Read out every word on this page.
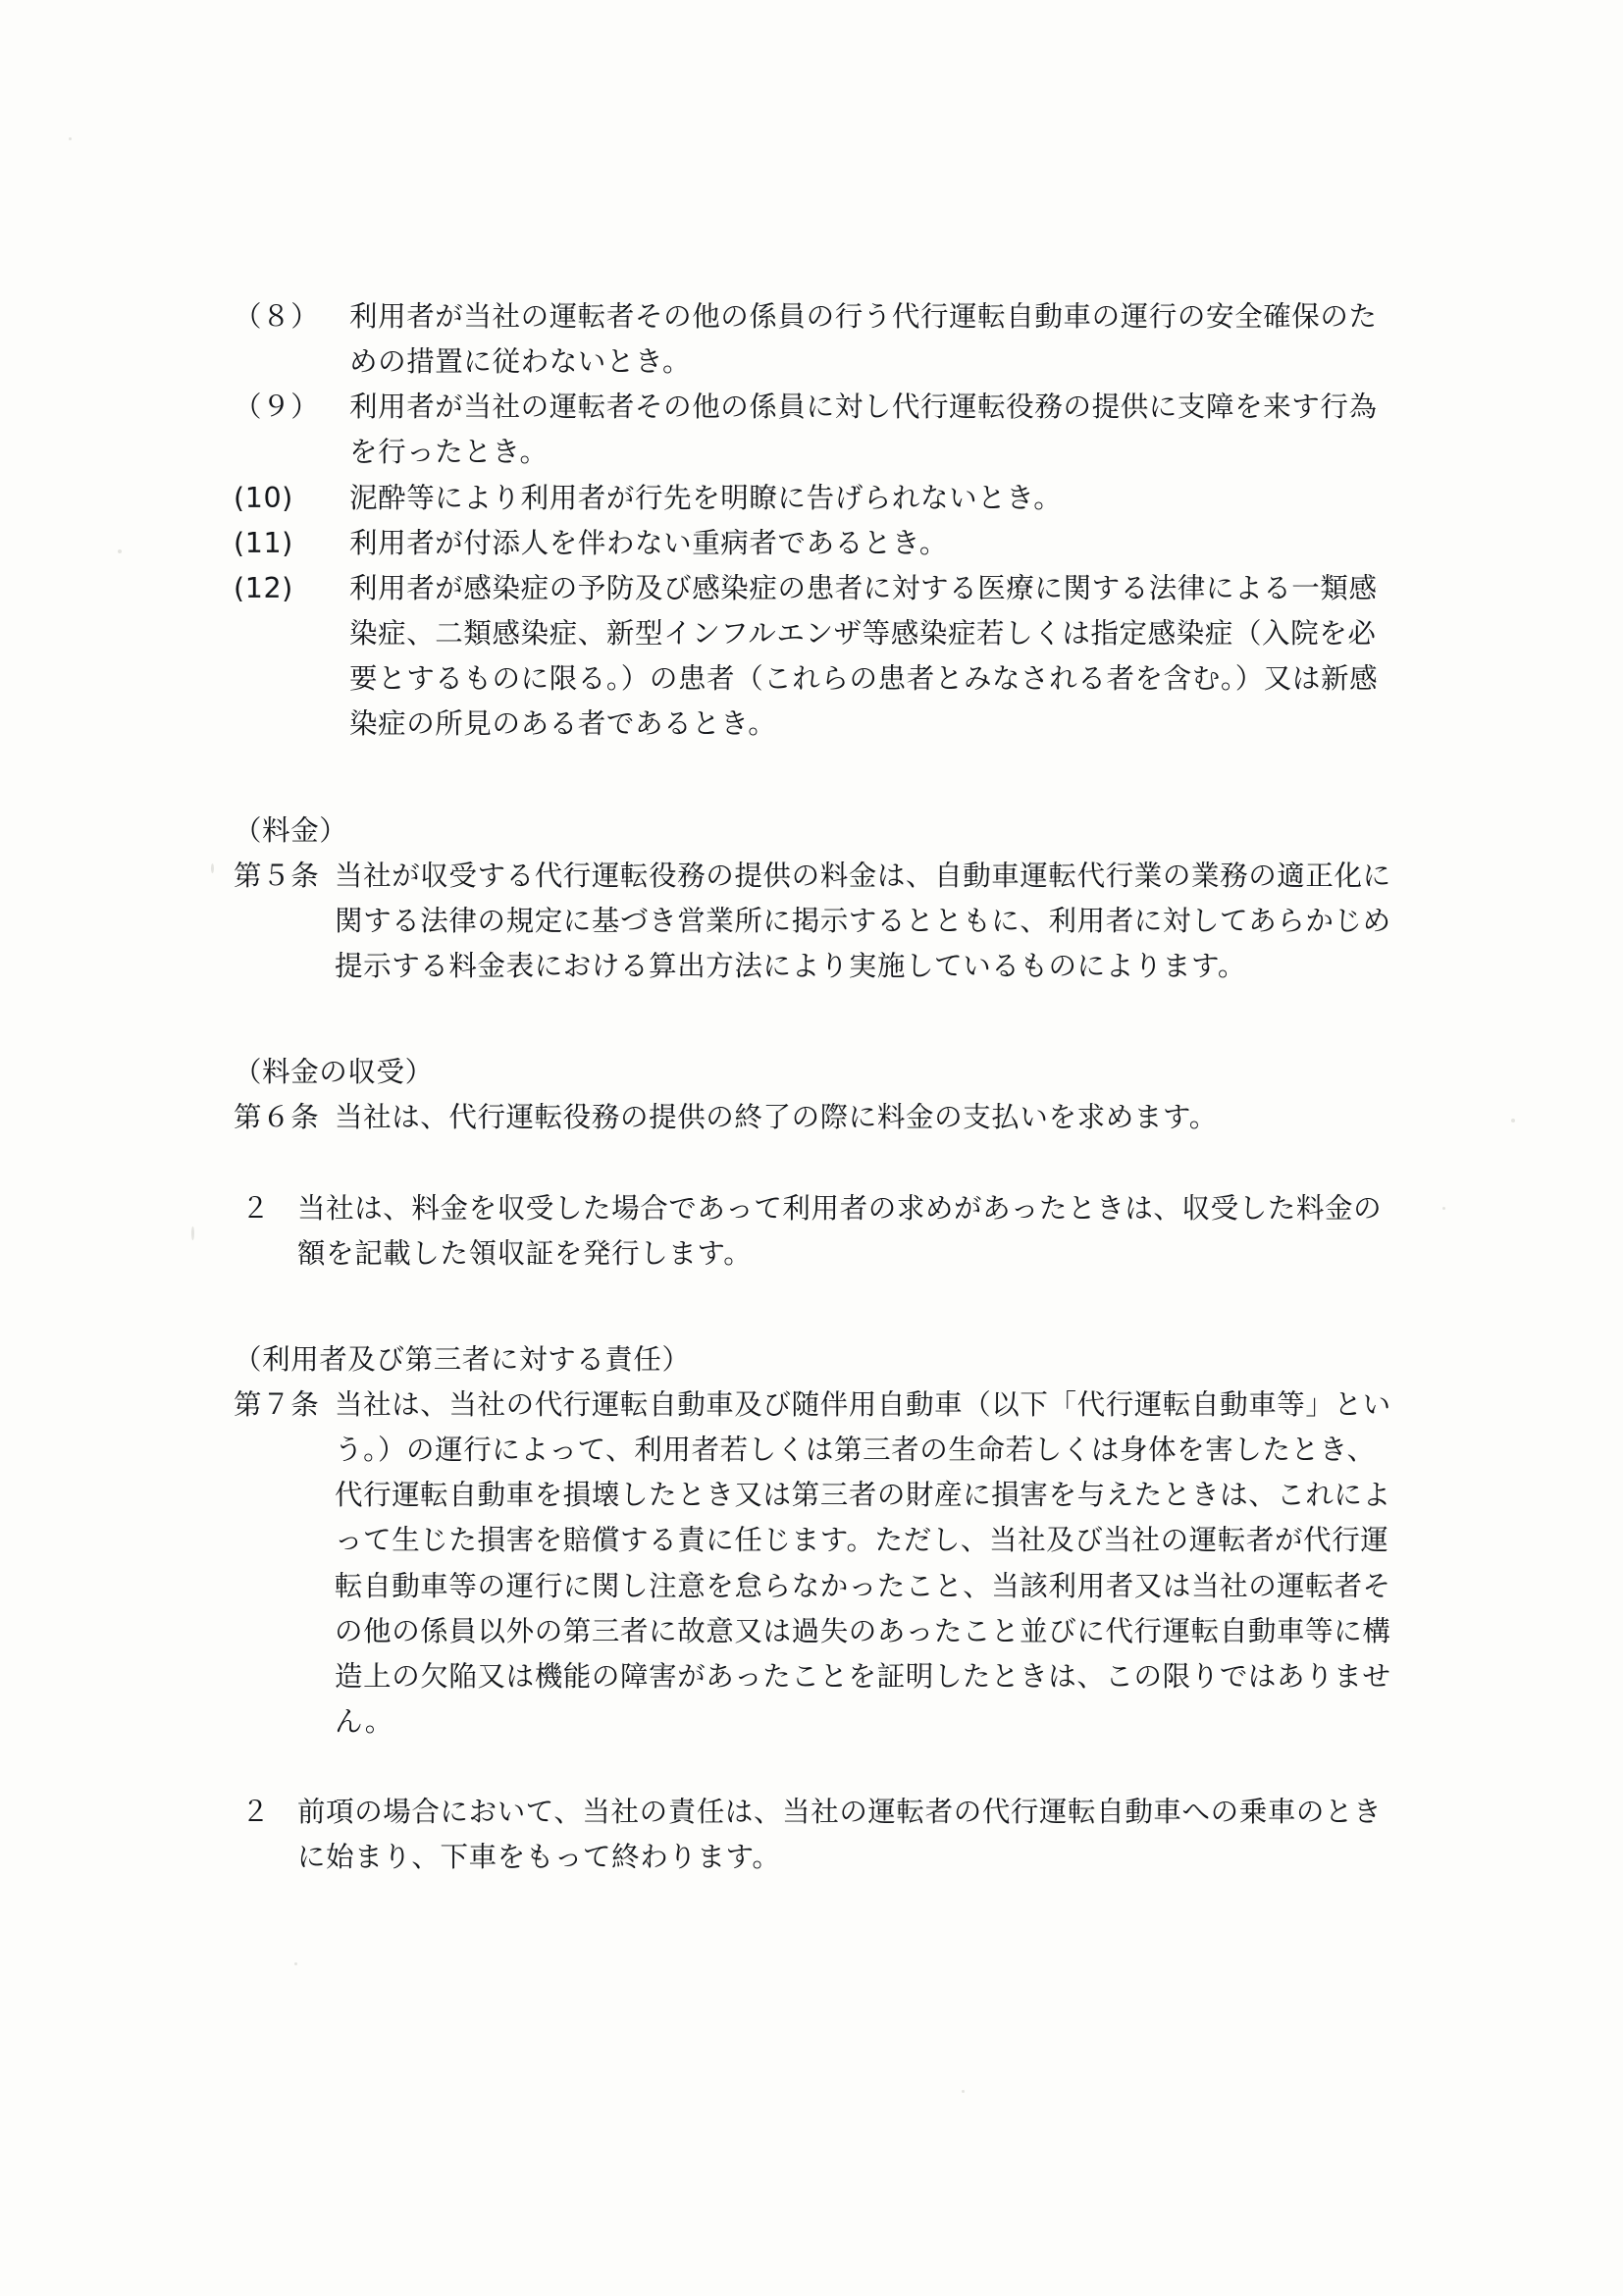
（８）	利用者が当社の運転者その他の係員の行う代行運転自動車の運行の安全確保のための措置に従わないとき。
（９）	利用者が当社の運転者その他の係員に対し代行運転役務の提供に支障を来す行為を行ったとき。
(10)	泥酔等により利用者が行先を明瞭に告げられないとき。
(11)	利用者が付添人を伴わない重病者であるとき。
(12)	利用者が感染症の予防及び感染症の患者に対する医療に関する法律による一類感染症、二類感染症、新型インフルエンザ等感染症若しくは指定感染症（入院を必要とするものに限る。）の患者（これらの患者とみなされる者を含む。）又は新感染症の所見のある者であるとき。
（料金）
第５条 当社が収受する代行運転役務の提供の料金は、自動車運転代行業の業務の適正化に関する法律の規定に基づき営業所に掲示するとともに、利用者に対してあらかじめ提示する料金表における算出方法により実施しているものによります。
（料金の収受）
第６条 当社は、代行運転役務の提供の終了の際に料金の支払いを求めます。
２ 当社は、料金を収受した場合であって利用者の求めがあったときは、収受した料金の額を記載した領収証を発行します。
（利用者及び第三者に対する責任）
第７条 当社は、当社の代行運転自動車及び随伴用自動車（以下「代行運転自動車等」という。）の運行によって、利用者若しくは第三者の生命若しくは身体を害したとき、代行運転自動車を損壊したとき又は第三者の財産に損害を与えたときは、これによって生じた損害を賠償する責に任じます。ただし、当社及び当社の運転者が代行運転自動車等の運行に関し注意を怠らなかったこと、当該利用者又は当社の運転者その他の係員以外の第三者に故意又は過失のあったこと並びに代行運転自動車等に構造上の欠陥又は機能の障害があったことを証明したときは、この限りではありません。
２ 前項の場合において、当社の責任は、当社の運転者の代行運転自動車への乗車のときに始まり、下車をもって終わります。
